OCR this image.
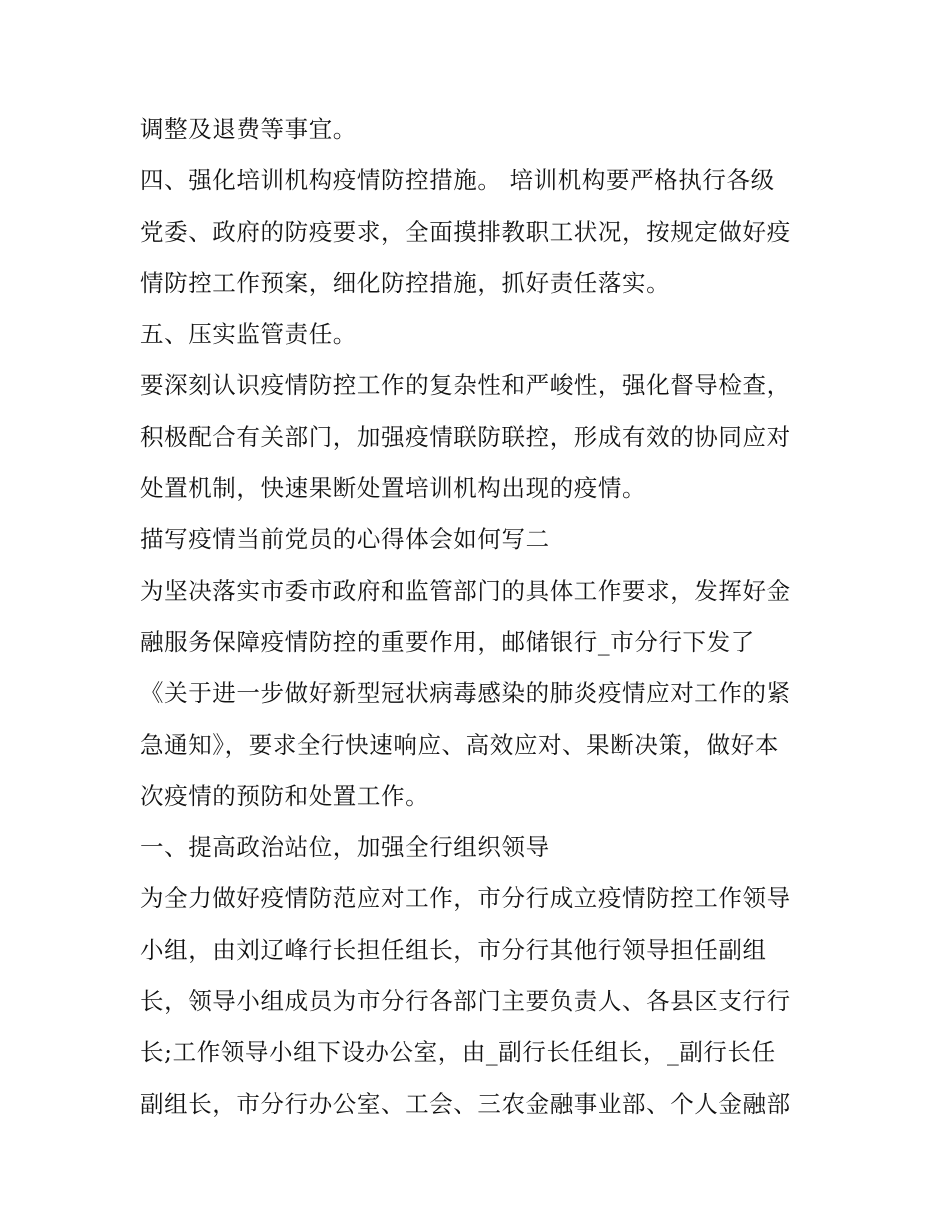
调整及退费等事宜。
四、强化培训机构疫情防控措施。 培训机构要严格执行各级
党委、政府的防疫要求，全面摸排教职工状况，按规定做好疫
情防控工作预案，细化防控措施，抓好责任落实。
五、压实监管责任。
要深刻认识疫情防控工作的复杂性和严峻性，强化督导检查，
积极配合有关部门，加强疫情联防联控，形成有效的协同应对
处置机制，快速果断处置培训机构出现的疫情。
描写疫情当前党员的心得体会如何写二
为坚决落实市委市政府和监管部门的具体工作要求，发挥好金
融服务保障疫情防控的重要作用，邮储银行_市分行下发了
《关于进一步做好新型冠状病毒感染的肺炎疫情应对工作的紧
急通知》，要求全行快速响应、高效应对、果断决策，做好本
次疫情的预防和处置工作。
一、提高政治站位，加强全行组织领导
为全力做好疫情防范应对工作，市分行成立疫情防控工作领导
小组，由刘辽峰行长担任组长，市分行其他行领导担任副组
长，领导小组成员为市分行各部门主要负责人、各县区支行行
长;工作领导小组下设办公室，由_副行长任组长，_副行长任
副组长，市分行办公室、工会、三农金融事业部、个人金融部
